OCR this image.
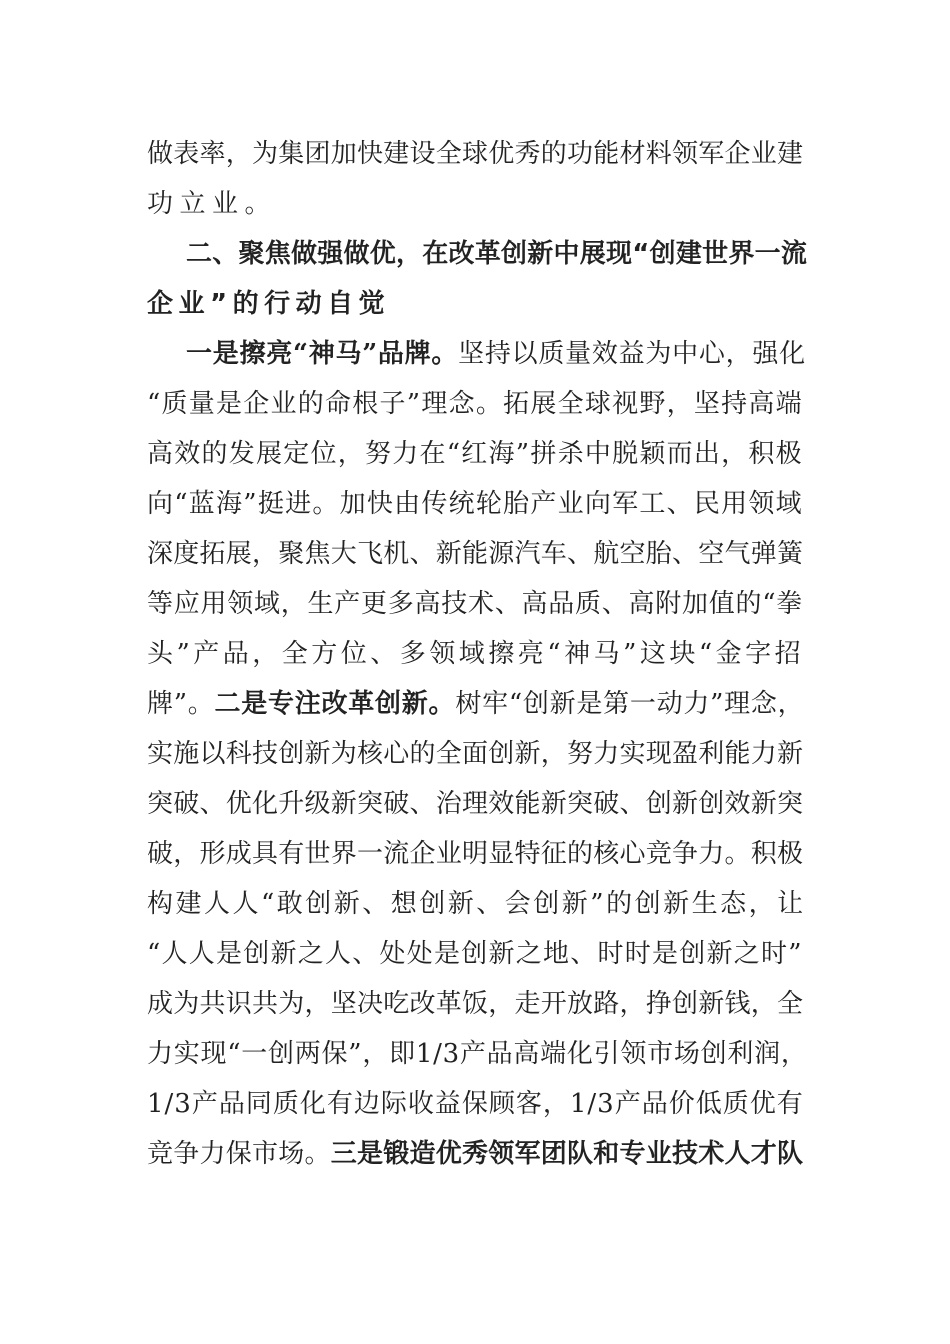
做表率，为集团加快建设全球优秀的功能材料领军企业建
功立业。
二、聚焦做强做优，在改革创新中展现“创建世界一流
企业”的行动自觉
一是擦亮“神马”品牌。坚持以质量效益为中心，强化
“质量是企业的命根子”理念。拓展全球视野，坚持高端
高效的发展定位，努力在“红海”拼杀中脱颖而出，积极
向“蓝海”挺进。加快由传统轮胎产业向军工、民用领域
深度拓展，聚焦大飞机、新能源汽车、航空胎、空气弹簧
等应用领域，生产更多高技术、高品质、高附加值的“拳
头”产品，全方位、多领域擦亮“神马”这块“金字招
牌”。二是专注改革创新。树牢“创新是第一动力”理念，
实施以科技创新为核心的全面创新，努力实现盈利能力新
突破、优化升级新突破、治理效能新突破、创新创效新突
破，形成具有世界一流企业明显特征的核心竞争力。积极
构建人人“敢创新、想创新、会创新”的创新生态，让
“人人是创新之人、处处是创新之地、时时是创新之时”
成为共识共为，坚决吃改革饭，走开放路，挣创新钱，全
力实现“一创两保”，即1/3产品高端化引领市场创利润，
1/3产品同质化有边际收益保顾客，1/3产品价低质优有
竞争力保市场。三是锻造优秀领军团队和专业技术人才队
